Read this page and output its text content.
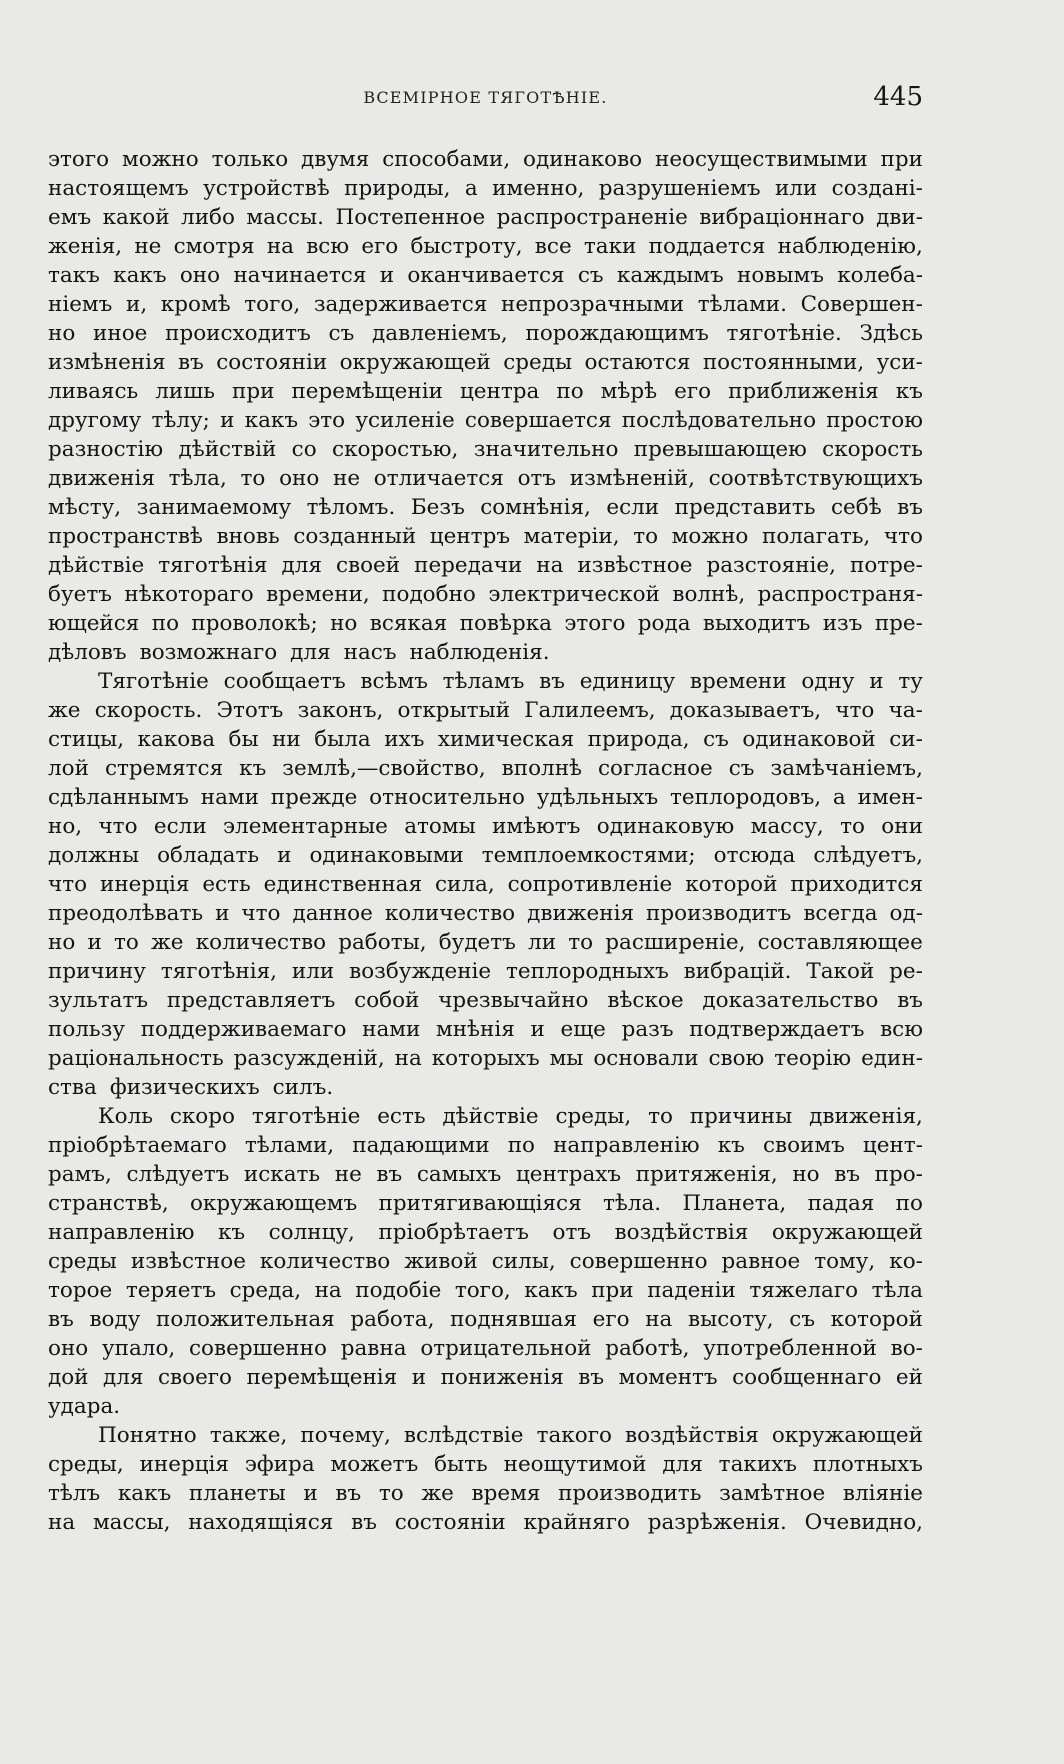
ВСЕМІРНОЕ ТЯГОТѢНІЕ.	445
этого можно только двумя способами, одинаково неосуществимыми при
настоящемъ устройствѣ природы, а именно, разрушеніемъ или созданi-
емъ какой либо массы. Постепенное распространенiе вибраціоннаго дви-
женія, не смотря на всю его быстроту, все таки поддается наблюденію,
такъ какъ оно начинается и оканчивается съ каждымъ новымъ колеба-
ніемъ и, кромѣ того, задерживается непрозрачными тѣлами. Совершен-
но иное происходитъ съ давленіемъ, порождающимъ тяготѣніе. Здѣсь
измѣненія въ состояніи окружающей среды остаются постоянными, уси-
ливаясь лишь при перемѣщеніи центра по мѣрѣ его приближенія къ
другому тѣлу; и какъ это усиленіе совершается послѣдовательно простою
разностію дѣйствій со скоростью, значительно превышающею скорость
движенія тѣла, то оно не отличается отъ измѣненій, соотвѣтствующихъ
мѣсту, занимаемому тѣломъ. Безъ сомнѣнія, если представить себѣ въ
пространствѣ вновь созданный центръ матеріи, то можно полагать, что
дѣйствіе тяготѣнія для своей передачи на извѣстное разстояніе, потре-
буетъ нѣкотораго времени, подобно электрической волнѣ, распространя-
ющейся по проволокѣ; но всякая повѣрка этого рода выходитъ изъ пре-
дѣловъ возможнаго для насъ наблюденія.
Тяготѣніе сообщаетъ всѣмъ тѣламъ въ единицу времени одну и ту
же скорость. Этотъ законъ, открытый Галилеемъ, доказываетъ, что ча-
стицы, какова бы ни была ихъ химическая природа, съ одинаковой си-
лой стремятся къ землѣ,—свойство, вполнѣ согласное съ замѣчаніемъ,
сдѣланнымъ нами прежде относительно удѣльныхъ теплородовъ, а имен-
но, что если элементарные атомы имѣютъ одинаковую массу, то они
должны обладать и одинаковыми темплоемкостями; отсюда слѣдуетъ,
что инерція есть единственная сила, сопротивленіе которой приходится
преодолѣвать и что данное количество движенія производитъ всегда од-
но и то же количество работы, будетъ ли то расширеніе, составляющее
причину тяготѣнія, или возбужденіе теплородныхъ вибрацій. Такой ре-
зультатъ представляетъ собой чрезвычайно вѣское доказательство въ
пользу поддерживаемаго нами мнѣнія и еще разъ подтверждаетъ всю
раціональность разсужденій, на которыхъ мы основали свою теорію един-
ства физическихъ силъ.
Коль скоро тяготѣніе есть дѣйствіе среды, то причины движенія,
пріобрѣтаемаго тѣлами, падающими по направленію къ своимъ цент-
рамъ, слѣдуетъ искать не въ самыхъ центрахъ притяженія, но въ про-
странствѣ, окружающемъ притягивающіяся тѣла. Планета, падая по
направленію къ солнцу, пріобрѣтаетъ отъ воздѣйствія окружающей
среды извѣстное количество живой силы, совершенно равное тому, ко-
торое теряетъ среда, на подобіе того, какъ при паденіи тяжелаго тѣла
въ воду положительная работа, поднявшая его на высоту, съ которой
оно упало, совершенно равна отрицательной работѣ, употребленной во-
дой для своего перемѣщенія и пониженія въ моментъ сообщеннаго ей
удара.
Понятно также, почему, вслѣдствіе такого воздѣйствія окружающей
среды, инерція эфира можетъ быть неощутимой для такихъ плотныхъ
тѣлъ какъ планеты и въ то же время производить замѣтное вліяніе
на массы, находящіяся въ состояніи крайняго разрѣженія. Очевидно,
